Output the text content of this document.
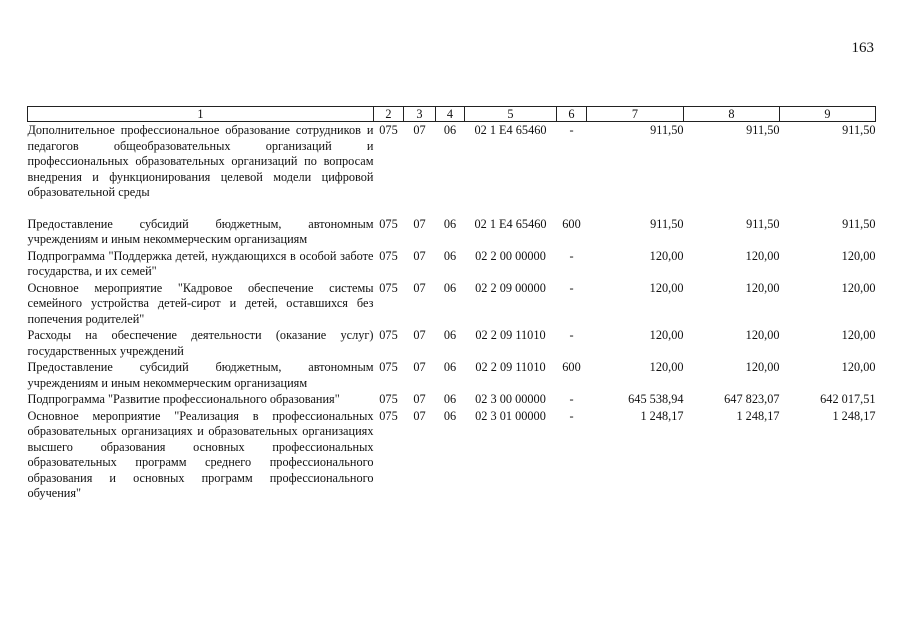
163
1	2	3	4	5	6	7	8	9
Дополнительное профессиональное образование сотрудников и педагогов общеобразовательных организаций и профессиональных образовательных организаций по вопросам внедрения и функционирования целевой модели цифровой образовательной среды	075	07	06	02 1 E4 65460	-	911,50	911,50	911,50
Предоставление субсидий бюджетным, автономным учреждениям и иным некоммерческим организациям	075	07	06	02 1 E4 65460	600	911,50	911,50	911,50
Подпрограмма "Поддержка детей, нуждающихся в особой заботе государства, и их семей"	075	07	06	02 2 00 00000	-	120,00	120,00	120,00
Основное мероприятие "Кадровое обеспечение системы семейного устройства детей-сирот и детей, оставшихся без попечения родителей"	075	07	06	02 2 09 00000	-	120,00	120,00	120,00
Расходы на обеспечение деятельности (оказание услуг) государственных учреждений	075	07	06	02 2 09 11010	-	120,00	120,00	120,00
Предоставление субсидий бюджетным, автономным учреждениям и иным некоммерческим организациям	075	07	06	02 2 09 11010	600	120,00	120,00	120,00
Подпрограмма "Развитие профессионального образования"	075	07	06	02 3 00 00000	-	645 538,94	647 823,07	642 017,51
Основное мероприятие "Реализация в профессиональных образовательных организациях и образовательных организациях высшего образования основных профессиональных образовательных программ среднего профессионального образования и основных программ профессионального обучения"	075	07	06	02 3 01 00000	-	1 248,17	1 248,17	1 248,17
